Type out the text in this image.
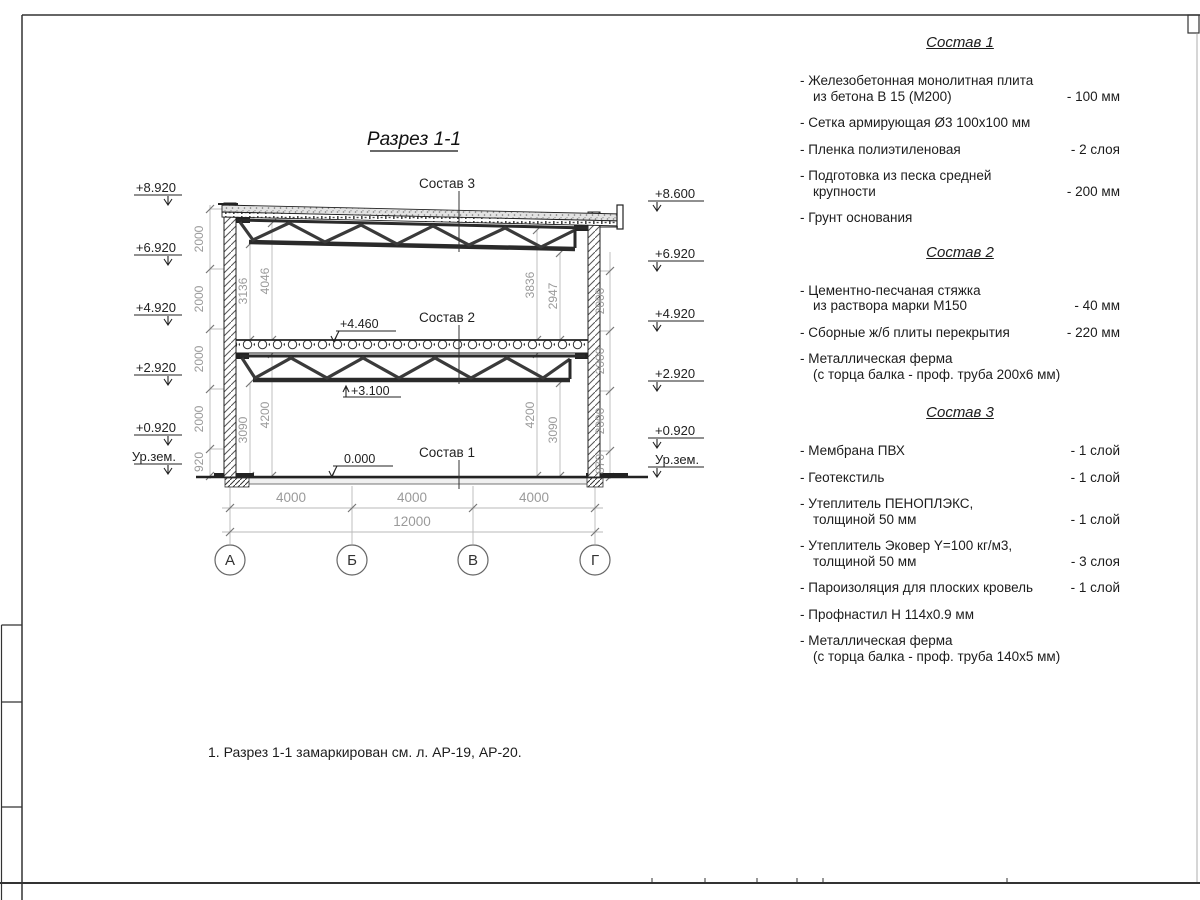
+4.460
+3.100
0.000
+8.920
+6.920
+4.920
+2.920
+0.920
Ур.зем.
+8.600
+6.920
+4.920
+2.920
+0.920
Ур.зем.
2000
2000
2000
2000
920
2000
2000
2000
870
3136 4046	3836 2947
3090
4200	4200
3090
4000	4000	4000
12000
А	Б	В	Г
Состав 3
Состав 2
Состав 1
Разрез 1-1
Состав 1
- Железобетонная монолитная плита
из бетона В 15 (М200)	- 100 мм
- Сетка армирующая Ø3 100х100 мм
- Пленка полиэтиленовая	- 2 слоя
- Подготовка из песка средней
крупности	- 200 мм
- Грунт основания
Состав 2
- Цементно-песчаная стяжка
из раствора марки М150	- 40 мм
- Сборные ж/б плиты перекрытия	- 220 мм
- Металлическая ферма
(с торца балка - проф. труба 200х6 мм)
Состав 3
- Мембрана ПВХ	- 1 слой
- Геотекстиль	- 1 слой
- Утеплитель ПЕНОПЛЭКС,
толщиной 50 мм	- 1 слой
- Утеплитель Эковер Y=100 кг/м3,
толщиной 50 мм	- 3 слоя
- Пароизоляция для плоских кровель	- 1 слой
- Профнастил Н 114х0.9 мм
- Металлическая ферма
(с торца балка - проф. труба 140х5 мм)
1. Разрез 1-1 замаркирован см. л. АР-19, АР-20.
